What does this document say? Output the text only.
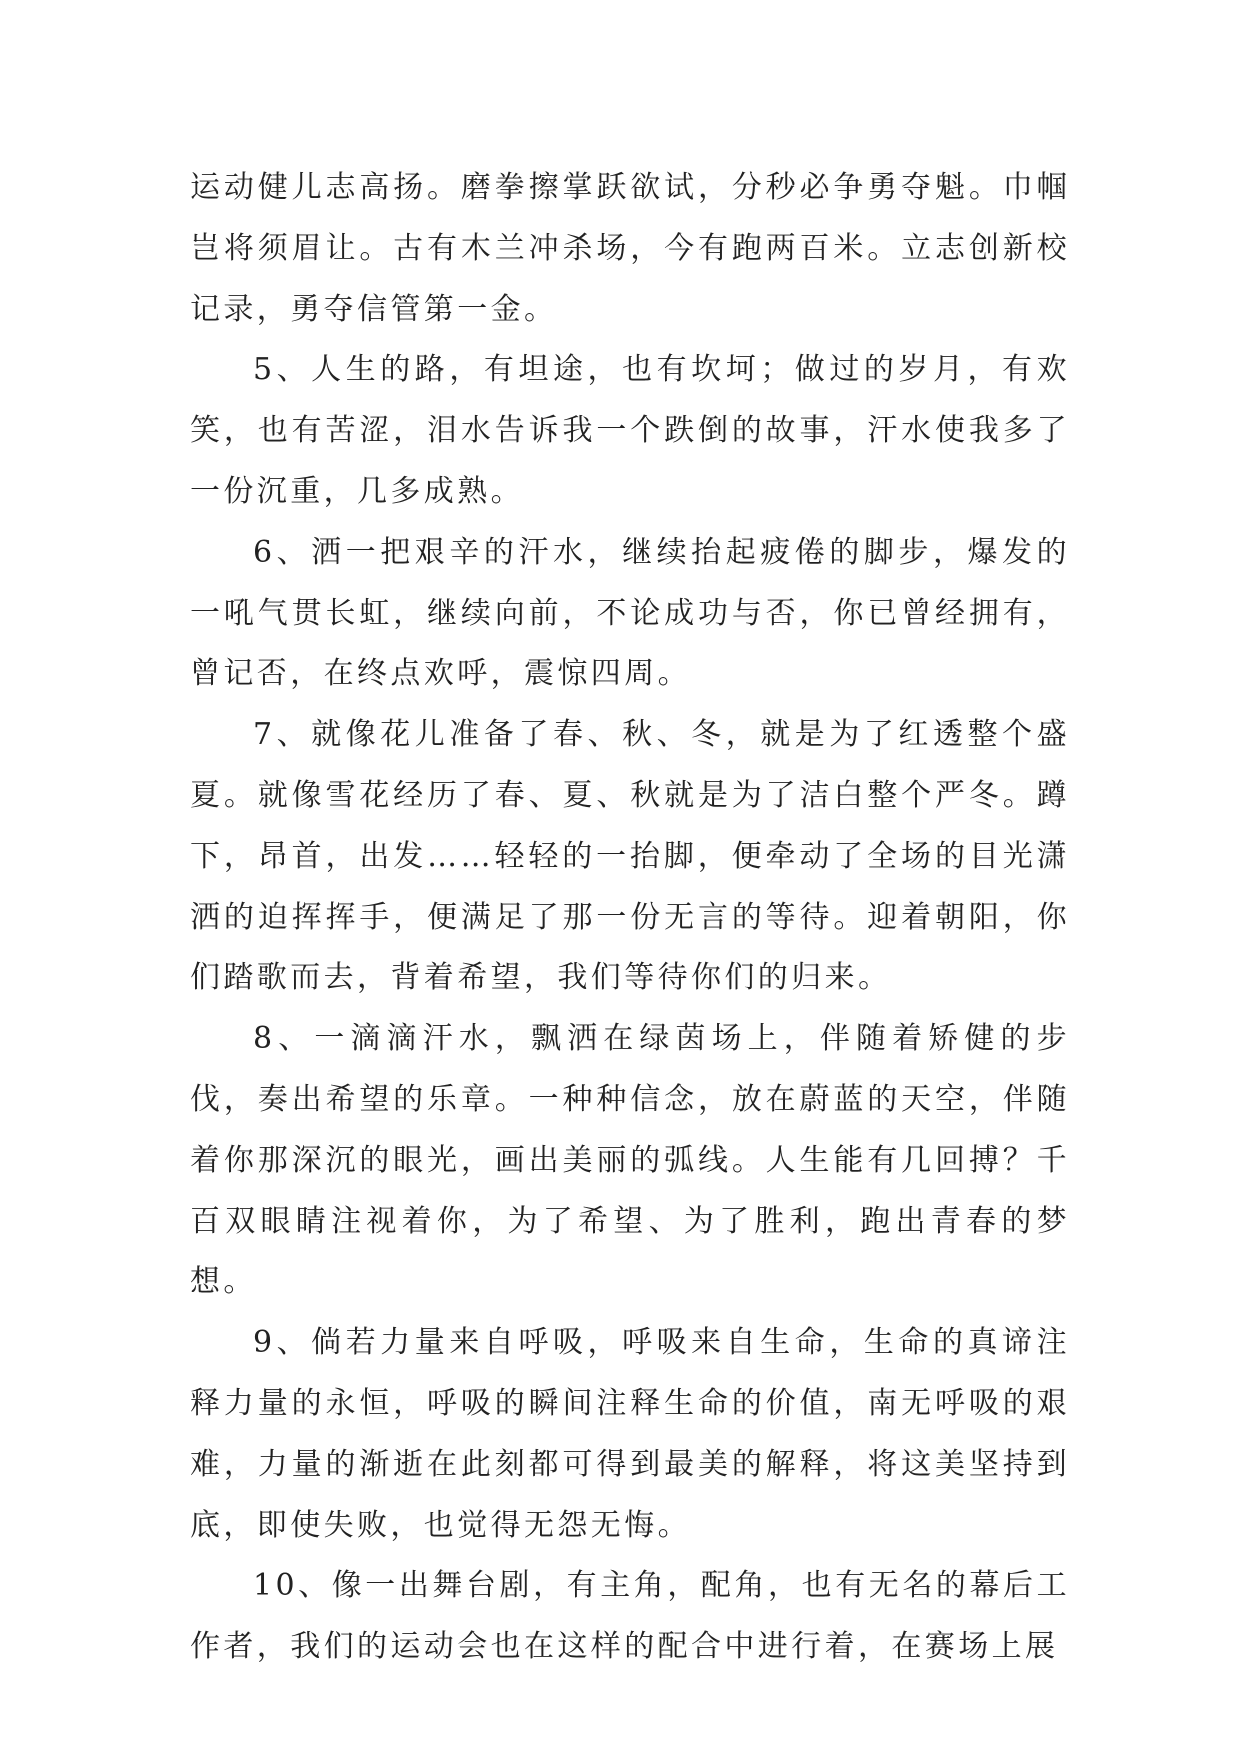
运动健儿志高扬。磨拳擦掌跃欲试，分秒必争勇夺魁。巾帼岂将须眉让。古有木兰冲杀场，今有跑两百米。立志创新校记录，勇夺信管第一金。

5、人生的路，有坦途，也有坎坷；做过的岁月，有欢笑，也有苦涩，泪水告诉我一个跌倒的故事，汗水使我多了一份沉重，几多成熟。

6、洒一把艰辛的汗水，继续抬起疲倦的脚步，爆发的一吼气贯长虹，继续向前，不论成功与否，你已曾经拥有，曾记否，在终点欢呼，震惊四周。

7、就像花儿准备了春、秋、冬，就是为了红透整个盛夏。就像雪花经历了春、夏、秋就是为了洁白整个严冬。蹲下，昂首，出发……轻轻的一抬脚，便牵动了全场的目光潇洒的迫挥挥手，便满足了那一份无言的等待。迎着朝阳，你们踏歌而去，背着希望，我们等待你们的归来。

8、一滴滴汗水，飘洒在绿茵场上，伴随着矫健的步伐，奏出希望的乐章。一种种信念，放在蔚蓝的天空，伴随着你那深沉的眼光，画出美丽的弧线。人生能有几回搏？千百双眼睛注视着你，为了希望、为了胜利，跑出青春的梦想。

9、倘若力量来自呼吸，呼吸来自生命，生命的真谛注释力量的永恒，呼吸的瞬间注释生命的价值，南无呼吸的艰难，力量的渐逝在此刻都可得到最美的解释，将这美坚持到底，即使失败，也觉得无怨无悔。

10、像一出舞台剧，有主角，配角，也有无名的幕后工作者，我们的运动会也在这样的配合中进行着，在赛场上展
